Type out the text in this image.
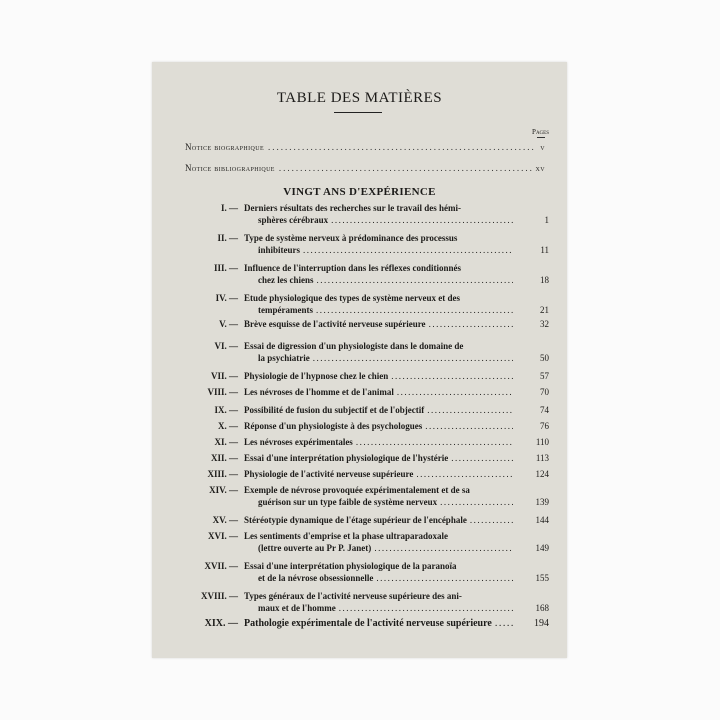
TABLE DES MATIÈRES
Pages
Notice biographique .....	v
Notice bibliographique .....	xv
VINGT ANS D'EXPÉRIENCE
I. — Derniers résultats des recherches sur le travail des hémi-
sphères cérébraux .....	1
II. — Type de système nerveux à prédominance des processus
inhibiteurs .....	11
III. — Influence de l'interruption dans les réflexes conditionnés
chez les chiens .....	18
IV. — Etude physiologique des types de système nerveux et des
tempéraments .....	21
V. — Brève esquisse de l'activité nerveuse supérieure .....	32
VI. — Essai de digression d'un physiologiste dans le domaine de
la psychiatrie .....	50
VII. — Physiologie de l'hypnose chez le chien .....	57
VIII. — Les névroses de l'homme et de l'animal .....	70
IX. — Possibilité de fusion du subjectif et de l'objectif .....	74
X. — Réponse d'un physiologiste à des psychologues .....	76
XI. — Les névroses expérimentales .....	110
XII. — Essai d'une interprétation physiologique de l'hystérie .....	113
XIII. — Physiologie de l'activité nerveuse supérieure .....	124
XIV. — Exemple de névrose provoquée expérimentalement et de sa
guérison sur un type faible de système nerveux .....	139
XV. — Stéréotypie dynamique de l'étage supérieur de l'encéphale .....	144
XVI. — Les sentiments d'emprise et la phase ultraparadoxale
(lettre ouverte au Pr P. Janet) .....	149
XVII. — Essai d'une interprétation physiologique de la paranoïa
et de la névrose obsessionnelle .....	155
XVIII. — Types généraux de l'activité nerveuse supérieure des ani-
maux et de l'homme .....	168
XIX. — Pathologie expérimentale de l'activité nerveuse supérieure .....	194
